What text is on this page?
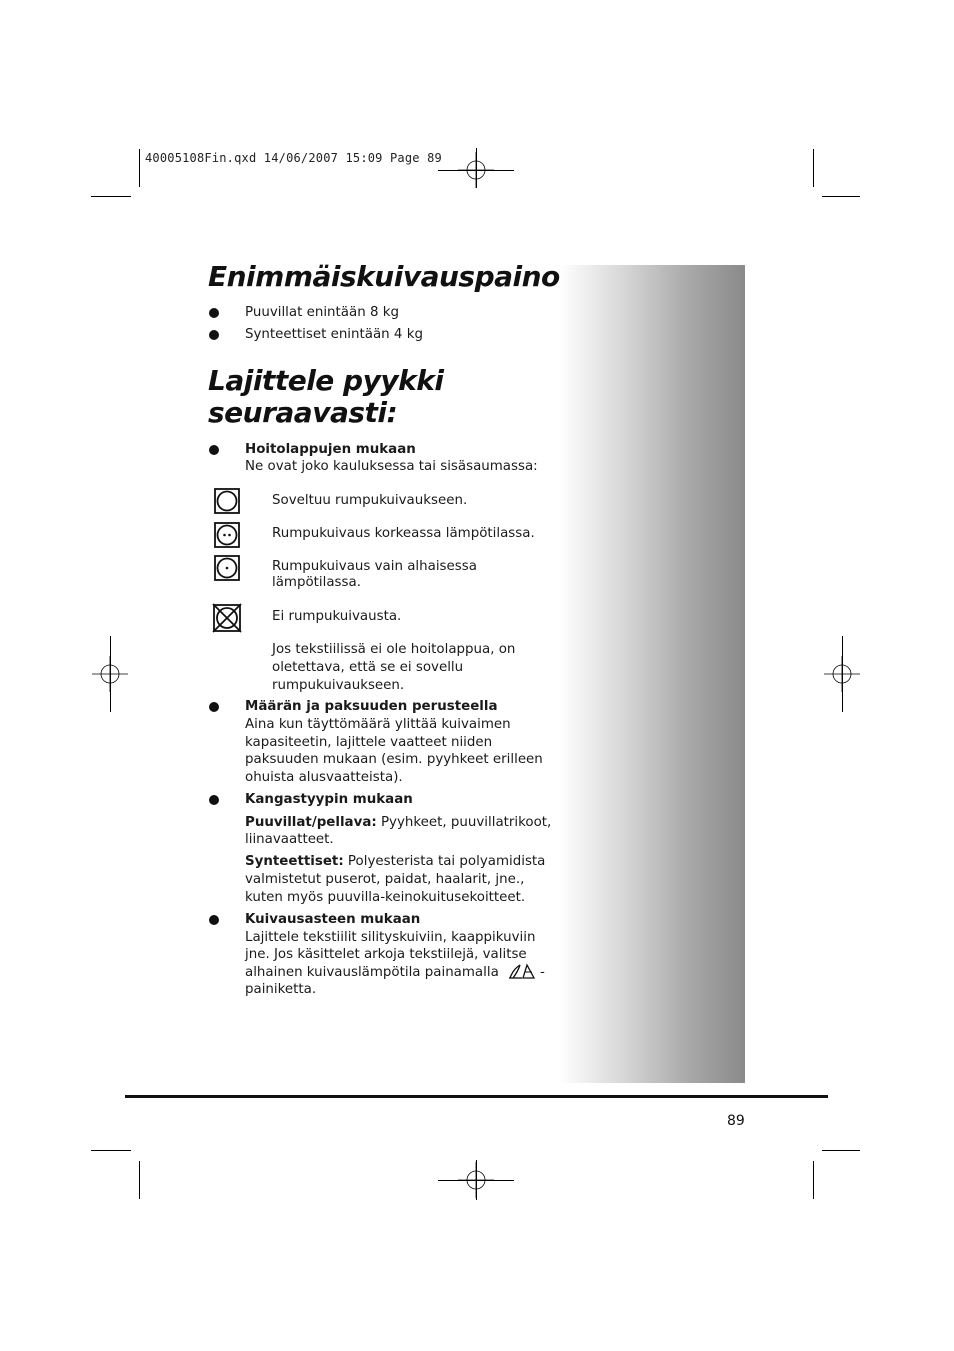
40005108Fin.qxd 14/06/2007 15:09 Page 89
Enimmäiskuivauspaino
Puuvillat enintään 8 kg
Synteettiset enintään 4 kg
Lajittele pyykki
seuraavasti:
Hoitolappujen mukaan
Ne ovat joko kauluksessa tai sisäsaumassa:
Soveltuu rumpukuivaukseen.
Rumpukuivaus korkeassa lämpötilassa.
Rumpukuivaus vain alhaisessa
lämpötilassa.
Ei rumpukuivausta.
Jos tekstiilissä ei ole hoitolappua, on
oletettava, että se ei sovellu
rumpukuivaukseen.
Määrän ja paksuuden perusteella
Aina kun täyttömäärä ylittää kuivaimen
kapasiteetin, lajittele vaatteet niiden
paksuuden mukaan (esim. pyyhkeet erilleen
ohuista alusvaatteista).
Kangastyypin mukaan
Puuvillat/pellava: Pyyhkeet, puuvillatrikoot,
liinavaatteet.
Synteettiset: Polyesterista tai polyamidista
valmistetut puserot, paidat, haalarit, jne.,
kuten myös puuvilla-keinokuitusekoitteet.
Kuivausasteen mukaan
Lajittele tekstiilit silityskuiviin, kaappikuviin
jne. Jos käsittelet arkoja tekstiilejä, valitse
alhainen kuivauslämpötila painamalla	-
painiketta.
89
